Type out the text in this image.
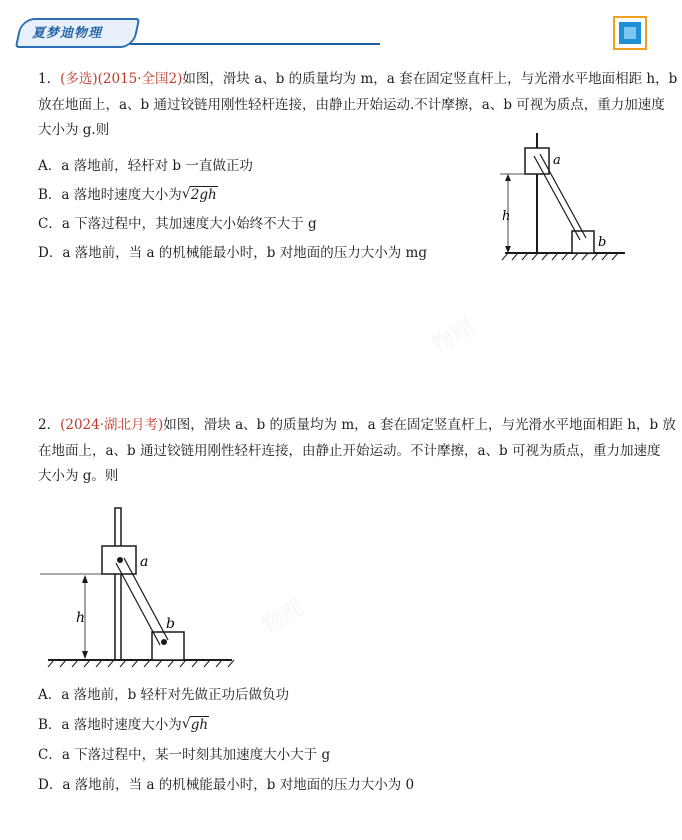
夏梦迪物理
物理
物理
1．(多选)(2015·全国2)如图，滑块 a、b 的质量均为 m，a 套在固定竖直杆上，与光滑水平地面相距 h，b
放在地面上，a、b 通过铰链用刚性轻杆连接，由静止开始运动.不计摩擦，a、b 可视为质点，重力加速度
大小为 g.则
A．a 落地前，轻杆对 b 一直做正功
B．a 落地时速度大小为 √ 2gh
C．a 下落过程中，其加速度大小始终不大于 g
D．a 落地前，当 a 的机械能最小时，b 对地面的压力大小为 mg
h
a
b
2．(2024·湖北月考)如图，滑块 a、b 的质量均为 m，a 套在固定竖直杆上，与光滑水平地面相距 h，b 放
在地面上，a、b 通过铰链用刚性轻杆连接，由静止开始运动。不计摩擦，a、b 可视为质点，重力加速度
大小为 g。则
h
a
b
A．a 落地前，b 轻杆对先做正功后做负功
B．a 落地时速度大小为 √ gh
C．a 下落过程中，某一时刻其加速度大小大于 g
D．a 落地前，当 a 的机械能最小时，b 对地面的压力大小为 0
